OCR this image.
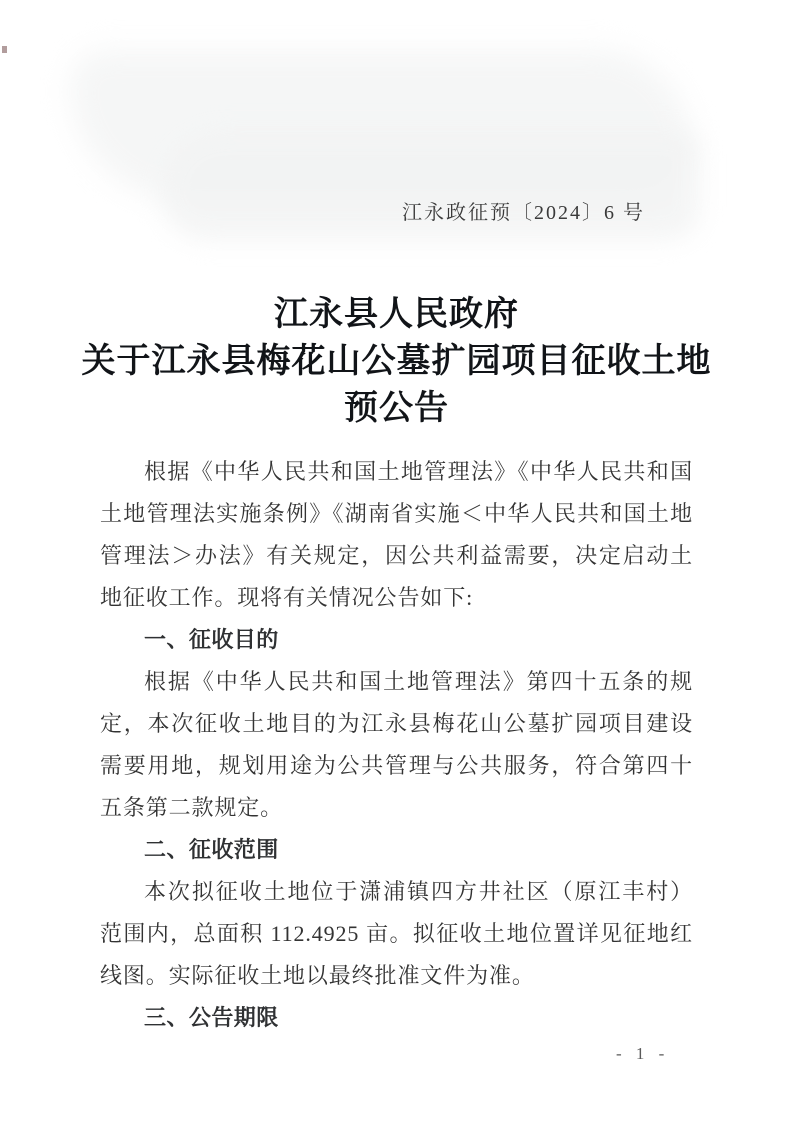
江永政征预〔2024〕6 号
江永县人民政府
关于江永县梅花山公墓扩园项目征收土地
预公告
根据《中华人民共和国土地管理法》《中华人民共和国土地管理法实施条例》《湖南省实施＜中华人民共和国土地管理法＞办法》有关规定，因公共利益需要，决定启动土地征收工作。现将有关情况公告如下:
一、征收目的
根据《中华人民共和国土地管理法》第四十五条的规定，本次征收土地目的为江永县梅花山公墓扩园项目建设需要用地，规划用途为公共管理与公共服务，符合第四十五条第二款规定。
二、征收范围
本次拟征收土地位于潇浦镇四方井社区（原江丰村）范围内，总面积 112.4925 亩。拟征收土地位置详见征地红线图。实际征收土地以最终批准文件为准。
三、公告期限
- 1 -
